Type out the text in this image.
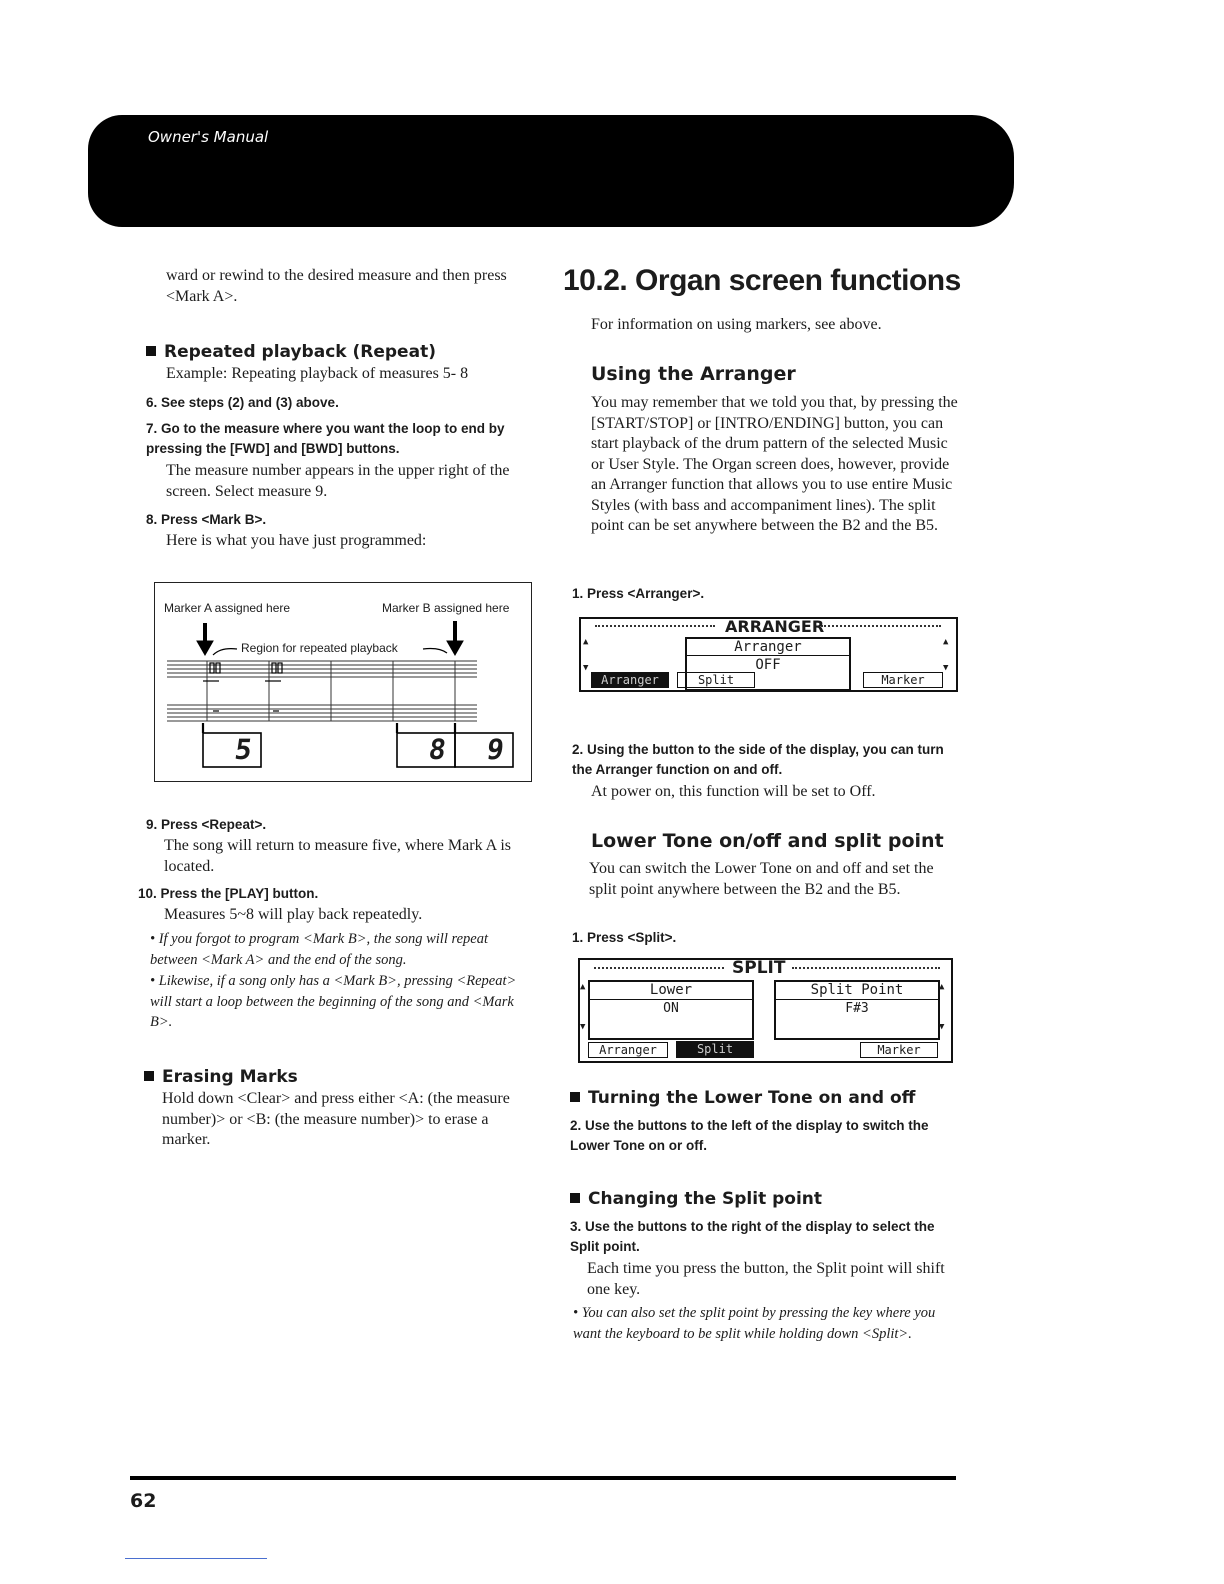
Owner's Manual
ward or rewind to the desired measure and then press <Mark A>.
Repeated playback (Repeat)
Example: Repeating playback of measures 5- 8
6. See steps (2) and (3) above.
7. Go to the measure where you want the loop to end by pressing the [FWD] and [BWD] buttons.
The measure number appears in the upper right of the screen. Select measure 9.
8. Press <Mark B>.
Here is what you have just programmed:
Marker A assigned here	Marker B assigned here
Region for repeated playback
5	8 9
9. Press <Repeat>.
The song will return to measure five, where Mark A is located.
10. Press the [PLAY] button.
Measures 5~8 will play back repeatedly.
• If you forgot to program <Mark B>, the song will repeat between <Mark A> and the end of the song.
• Likewise, if a song only has a <Mark B>, pressing <Repeat> will start a loop between the beginning of the song and <Mark B>.
Erasing Marks
Hold down <Clear> and press either <A: (the measure number)> or <B: (the measure number)> to erase a marker.
10.2. Organ screen functions
For information on using markers, see above.
Using the Arranger
You may remember that we told you that, by pressing the [START/STOP] or [INTRO/ENDING] button, you can start playback of the drum pattern of the selected Music or User Style. The Organ screen does, however, provide an Arranger function that allows you to use entire Music Styles (with bass and accompaniment lines). The split point can be set anywhere between the B2 and the B5.
1. Press <Arranger>.
ARRANGER
Arranger
OFF
▲
▼
▲
▼
Arranger	Split	Marker
2. Using the button to the side of the display, you can turn the Arranger function on and off.
At power on, this function will be set to Off.
Lower Tone on/off and split point
You can switch the Lower Tone on and off and set the split point anywhere between the B2 and the B5.
1. Press <Split>.
SPLIT
Lower
ON
Split Point
F#3
▲
▼
▲
▼
Arranger	Split	Marker
Turning the Lower Tone on and off
2. Use the buttons to the left of the display to switch the Lower Tone on or off.
Changing the Split point
3. Use the buttons to the right of the display to select the Split point.
Each time you press the button, the Split point will shift one key.
• You can also set the split point by pressing the key where you want the keyboard to be split while holding down <Split>.
62
